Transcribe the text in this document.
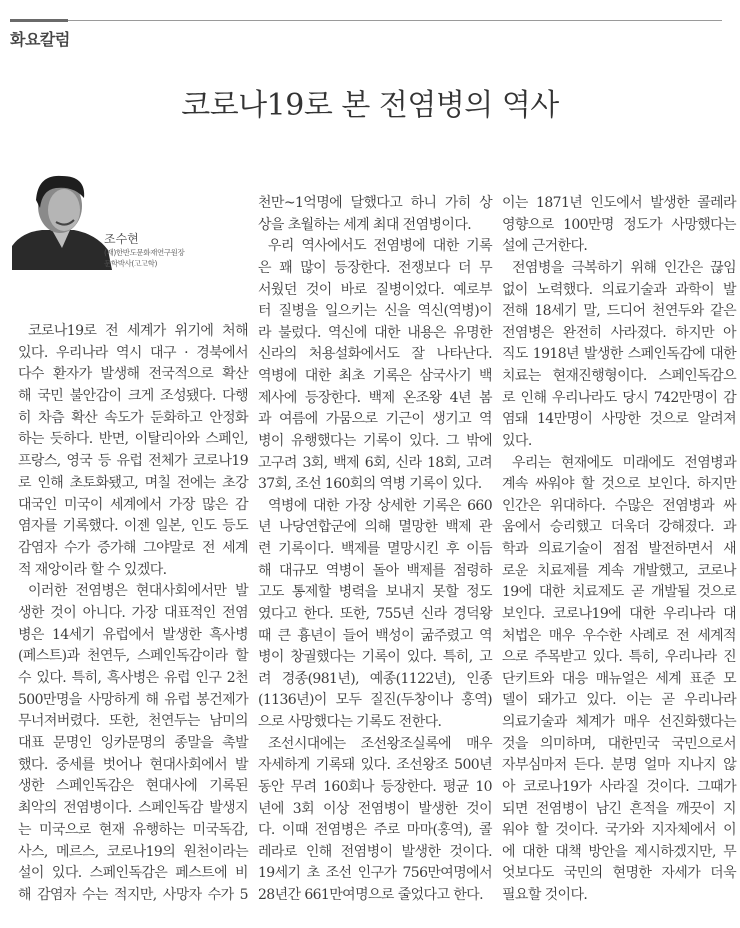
화요칼럼
코로나19로 본 전염병의 역사
조수현
(재)한반도문화재연구원장
문학박사(고고학)
코로나19로 전 세계가 위기에 처해
있다. 우리나라 역시 대구 · 경북에서
다수 환자가 발생해 전국적으로 확산
해 국민 불안감이 크게 조성됐다. 다행
히 차츰 확산 속도가 둔화하고 안정화
하는 듯하다. 반면, 이탈리아와 스페인,
프랑스, 영국 등 유럽 전체가 코로나19
로 인해 초토화됐고, 며칠 전에는 초강
대국인 미국이 세계에서 가장 많은 감
염자를 기록했다. 이젠 일본, 인도 등도
감염자 수가 증가해 그야말로 전 세계
적 재앙이라 할 수 있겠다.
이러한 전염병은 현대사회에서만 발
생한 것이 아니다. 가장 대표적인 전염
병은 14세기 유럽에서 발생한 흑사병
(페스트)과 천연두, 스페인독감이라 할
수 있다. 특히, 흑사병은 유럽 인구 2천
500만명을 사망하게 해 유럽 봉건제가
무너져버렸다. 또한, 천연두는 남미의
대표 문명인 잉카문명의 종말을 촉발
했다. 중세를 벗어나 현대사회에서 발
생한 스페인독감은 현대사에 기록된
최악의 전염병이다. 스페인독감 발생지
는 미국으로 현재 유행하는 미국독감,
사스, 메르스, 코로나19의 원천이라는
설이 있다. 스페인독감은 페스트에 비
해 감염자 수는 적지만, 사망자 수가 5
천만~1억명에 달했다고 하니 가히 상
상을 초월하는 세계 최대 전염병이다.
우리 역사에서도 전염병에 대한 기록
은 꽤 많이 등장한다. 전쟁보다 더 무
서웠던 것이 바로 질병이었다. 예로부
터 질병을 일으키는 신을 역신(역병)이
라 불렀다. 역신에 대한 내용은 유명한
신라의 처용설화에서도 잘 나타난다.
역병에 대한 최초 기록은 삼국사기 백
제사에 등장한다. 백제 온조왕 4년 봄
과 여름에 가뭄으로 기근이 생기고 역
병이 유행했다는 기록이 있다. 그 밖에
고구려 3회, 백제 6회, 신라 18회, 고려
37회, 조선 160회의 역병 기록이 있다.
역병에 대한 가장 상세한 기록은 660
년 나당연합군에 의해 멸망한 백제 관
련 기록이다. 백제를 멸망시킨 후 이듬
해 대규모 역병이 돌아 백제를 점령하
고도 통제할 병력을 보내지 못할 정도
였다고 한다. 또한, 755년 신라 경덕왕
때 큰 흉년이 들어 백성이 굶주렸고 역
병이 창궐했다는 기록이 있다. 특히, 고
려 경종(981년), 예종(1122년), 인종
(1136년)이 모두 질진(두창이나 홍역)
으로 사망했다는 기록도 전한다.
조선시대에는 조선왕조실록에 매우
자세하게 기록돼 있다. 조선왕조 500년
동안 무려 160회나 등장한다. 평균 10
년에 3회 이상 전염병이 발생한 것이
다. 이때 전염병은 주로 마마(홍역), 콜
레라로 인해 전염병이 발생한 것이다.
19세기 초 조선 인구가 756만여명에서
28년간 661만여명으로 줄었다고 한다.
이는 1871년 인도에서 발생한 콜레라
영향으로 100만명 정도가 사망했다는
설에 근거한다.
전염병을 극복하기 위해 인간은 끊임
없이 노력했다. 의료기술과 과학이 발
전해 18세기 말, 드디어 천연두와 같은
전염병은 완전히 사라졌다. 하지만 아
직도 1918년 발생한 스페인독감에 대한
치료는 현재진행형이다. 스페인독감으
로 인해 우리나라도 당시 742만명이 감
염돼 14만명이 사망한 것으로 알려져
있다.
우리는 현재에도 미래에도 전염병과
계속 싸워야 할 것으로 보인다. 하지만
인간은 위대하다. 수많은 전염병과 싸
움에서 승리했고 더욱더 강해졌다. 과
학과 의료기술이 점점 발전하면서 새
로운 치료제를 계속 개발했고, 코로나
19에 대한 치료제도 곧 개발될 것으로
보인다. 코로나19에 대한 우리나라 대
처법은 매우 우수한 사례로 전 세계적
으로 주목받고 있다. 특히, 우리나라 진
단키트와 대응 매뉴얼은 세계 표준 모
델이 돼가고 있다. 이는 곧 우리나라
의료기술과 체계가 매우 선진화했다는
것을 의미하며, 대한민국 국민으로서
자부심마저 든다. 분명 얼마 지나지 않
아 코로나19가 사라질 것이다. 그때가
되면 전염병이 남긴 흔적을 깨끗이 지
워야 할 것이다. 국가와 지자체에서 이
에 대한 대책 방안을 제시하겠지만, 무
엇보다도 국민의 현명한 자세가 더욱
필요할 것이다.
